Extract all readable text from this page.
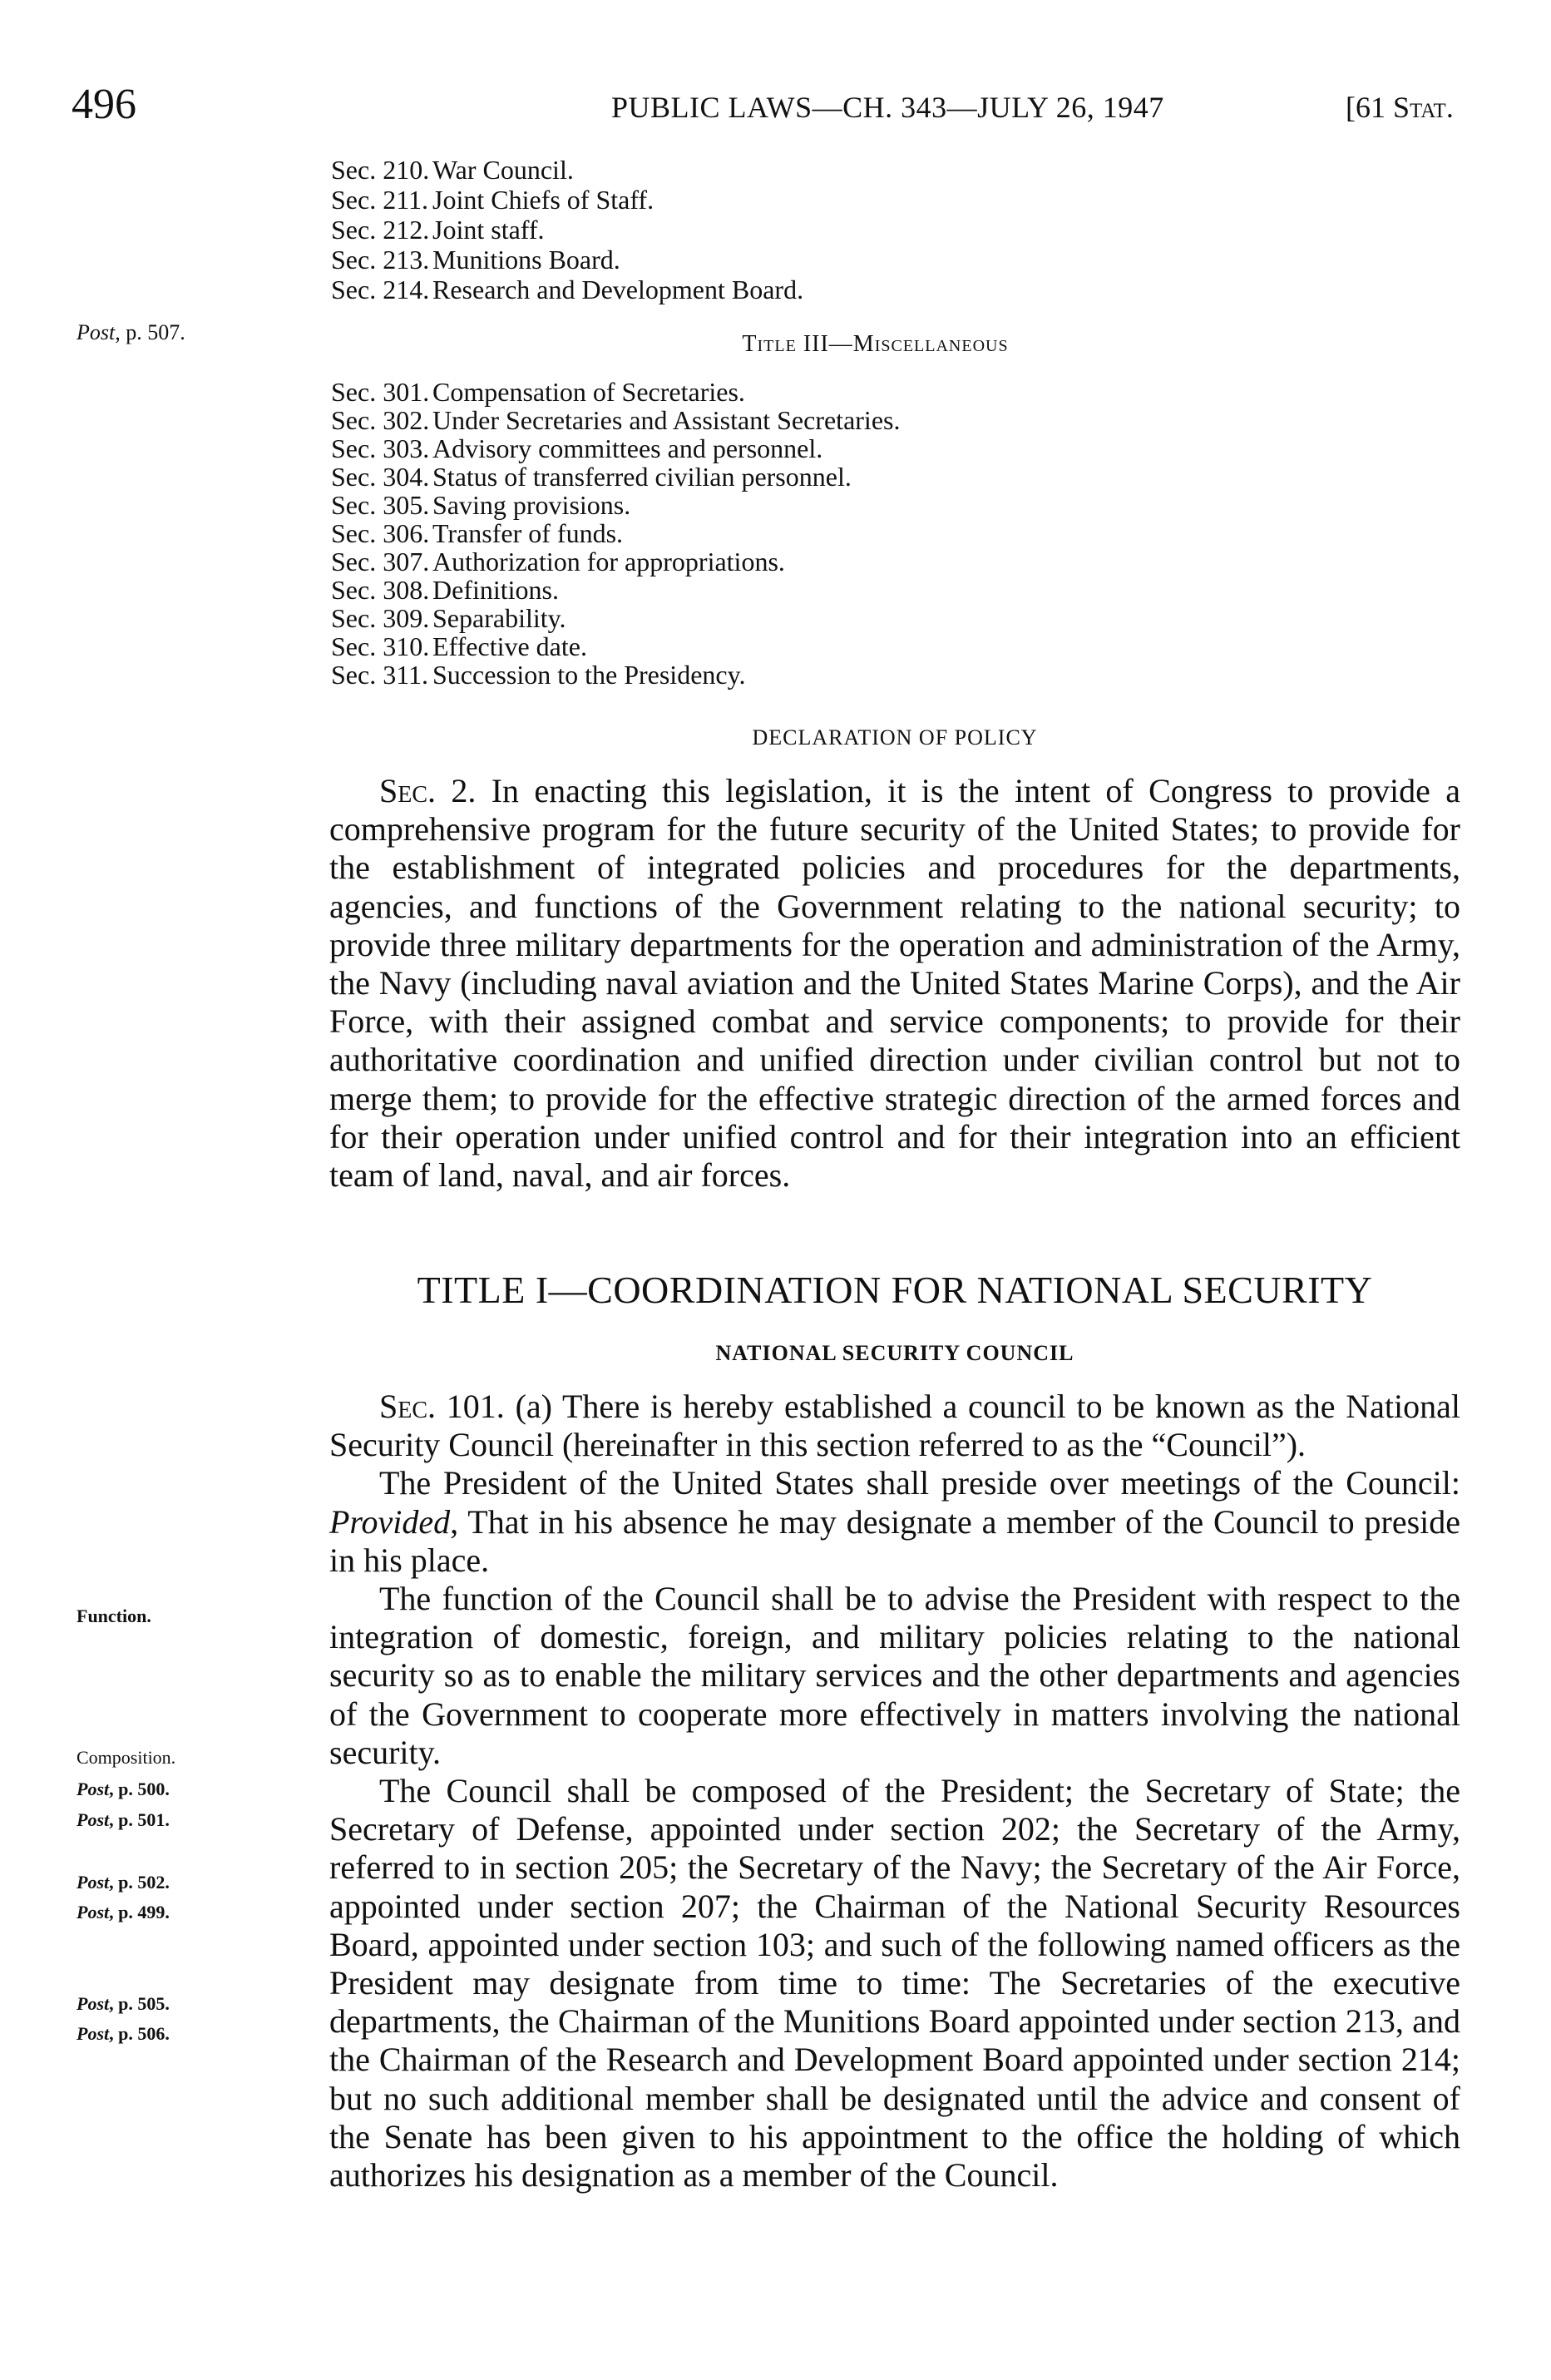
496	PUBLIC LAWS—CH. 343—JULY 26, 1947	[61 Stat.
Sec. 210. War Council.
Sec. 211. Joint Chiefs of Staff.
Sec. 212. Joint staff.
Sec. 213. Munitions Board.
Sec. 214. Research and Development Board.
Title III—Miscellaneous
Sec. 301. Compensation of Secretaries.
Sec. 302. Under Secretaries and Assistant Secretaries.
Sec. 303. Advisory committees and personnel.
Sec. 304. Status of transferred civilian personnel.
Sec. 305. Saving provisions.
Sec. 306. Transfer of funds.
Sec. 307. Authorization for appropriations.
Sec. 308. Definitions.
Sec. 309. Separability.
Sec. 310. Effective date.
Sec. 311. Succession to the Presidency.
DECLARATION OF POLICY

Sec. 2. In enacting this legislation, it is the intent of Congress to provide a comprehensive program for the future security of the United States; to provide for the establishment of integrated policies and procedures for the departments, agencies, and functions of the Government relating to the national security; to provide three military departments for the operation and administration of the Army, the Navy (including naval aviation and the United States Marine Corps), and the Air Force, with their assigned combat and service components; to provide for their authoritative coordination and unified direction under civilian control but not to merge them; to provide for the effective strategic direction of the armed forces and for their operation under unified control and for their integration into an efficient team of land, naval, and air forces.

TITLE I—COORDINATION FOR NATIONAL SECURITY
NATIONAL SECURITY COUNCIL

Sec. 101. (a) There is hereby established a council to be known as the National Security Council (hereinafter in this section referred to as the “Council”).

The President of the United States shall preside over meetings of the Council: Provided, That in his absence he may designate a member of the Council to preside in his place.

The function of the Council shall be to advise the President with respect to the integration of domestic, foreign, and military policies relating to the national security so as to enable the military services and the other departments and agencies of the Government to cooperate more effectively in matters involving the national security.

The Council shall be composed of the President; the Secretary of State; the Secretary of Defense, appointed under section 202; the Secretary of the Army, referred to in section 205; the Secretary of the Navy; the Secretary of the Air Force, appointed under section 207; the Chairman of the National Security Resources Board, appointed under section 103; and such of the following named officers as the President may designate from time to time: The Secretaries of the executive departments, the Chairman of the Munitions Board appointed under section 213, and the Chairman of the Research and Development Board appointed under section 214; but no such additional member shall be designated until the advice and consent of the Senate has been given to his appointment to the office the holding of which authorizes his designation as a member of the Council.

Post, p. 507.
Function.
Composition.
Post, p. 500.
Post, p. 501.
Post, p. 502.
Post, p. 499.
Post, p. 505.
Post, p. 506.
